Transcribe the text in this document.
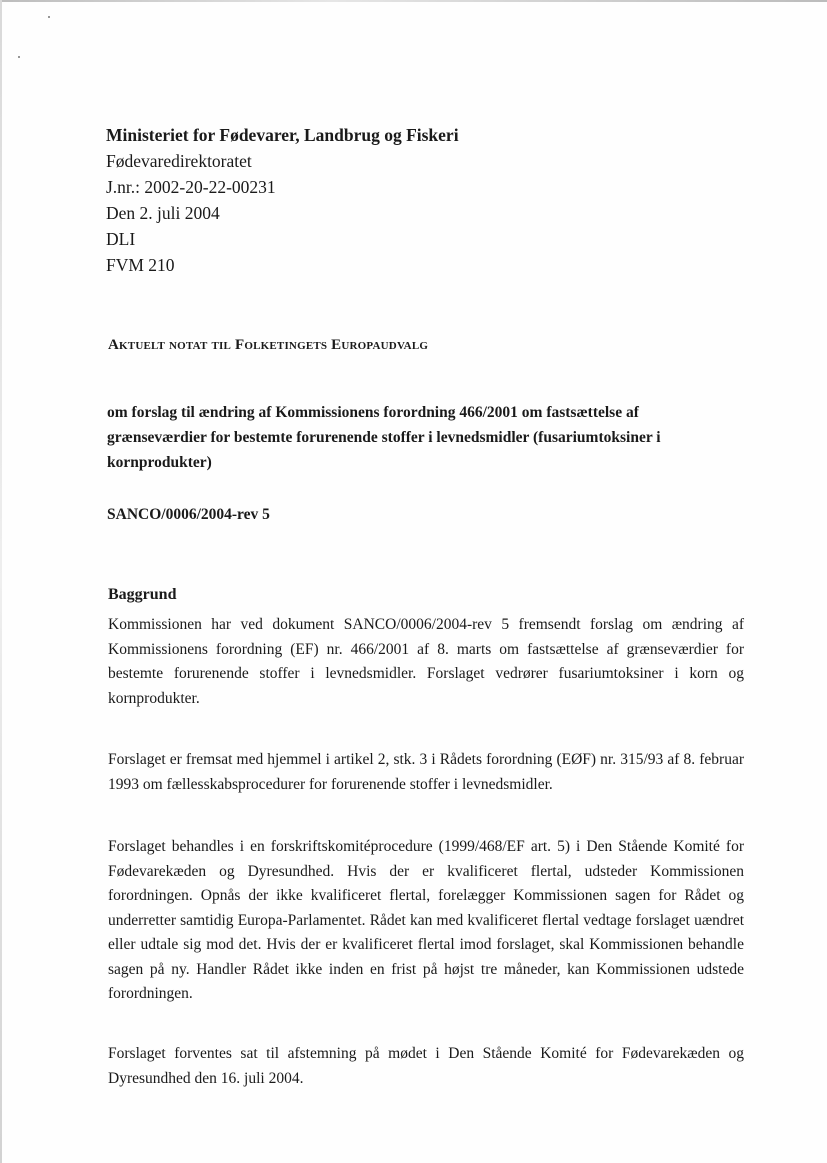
Ministeriet for Fødevarer, Landbrug og Fiskeri
Fødevaredirektoratet
J.nr.: 2002-20-22-00231
Den 2. juli 2004
DLI
FVM 210
Aktuelt notat til Folketingets Europaudvalg
om forslag til ændring af Kommissionens forordning 466/2001 om fastsættelse af grænseværdier for bestemte forurenende stoffer i levnedsmidler (fusariumtoksiner i kornprodukter)
SANCO/0006/2004-rev 5
Baggrund
Kommissionen har ved dokument SANCO/0006/2004-rev 5 fremsendt forslag om ændring af Kommissionens forordning (EF) nr. 466/2001 af 8. marts om fastsættelse af grænseværdier for bestemte forurenende stoffer i levnedsmidler. Forslaget vedrører fusariumtoksiner i korn og kornprodukter.
Forslaget er fremsat med hjemmel i artikel 2, stk. 3 i Rådets forordning (EØF) nr. 315/93 af 8. februar 1993 om fællesskabsprocedurer for forurenende stoffer i levnedsmidler.
Forslaget behandles i en forskriftskomitéprocedure (1999/468/EF art. 5) i Den Stående Komité for Fødevarekæden og Dyresundhed. Hvis der er kvalificeret flertal, udsteder Kommissionen forordningen. Opnås der ikke kvalificeret flertal, forelægger Kommissionen sagen for Rådet og underretter samtidig Europa-Parlamentet. Rådet kan med kvalificeret flertal vedtage forslaget uændret eller udtale sig mod det. Hvis der er kvalificeret flertal imod forslaget, skal Kommissionen behandle sagen på ny. Handler Rådet ikke inden en frist på højst tre måneder, kan Kommissionen udstede forordningen.
Forslaget forventes sat til afstemning på mødet i Den Stående Komité for Fødevarekæden og Dyresundhed den 16. juli 2004.
